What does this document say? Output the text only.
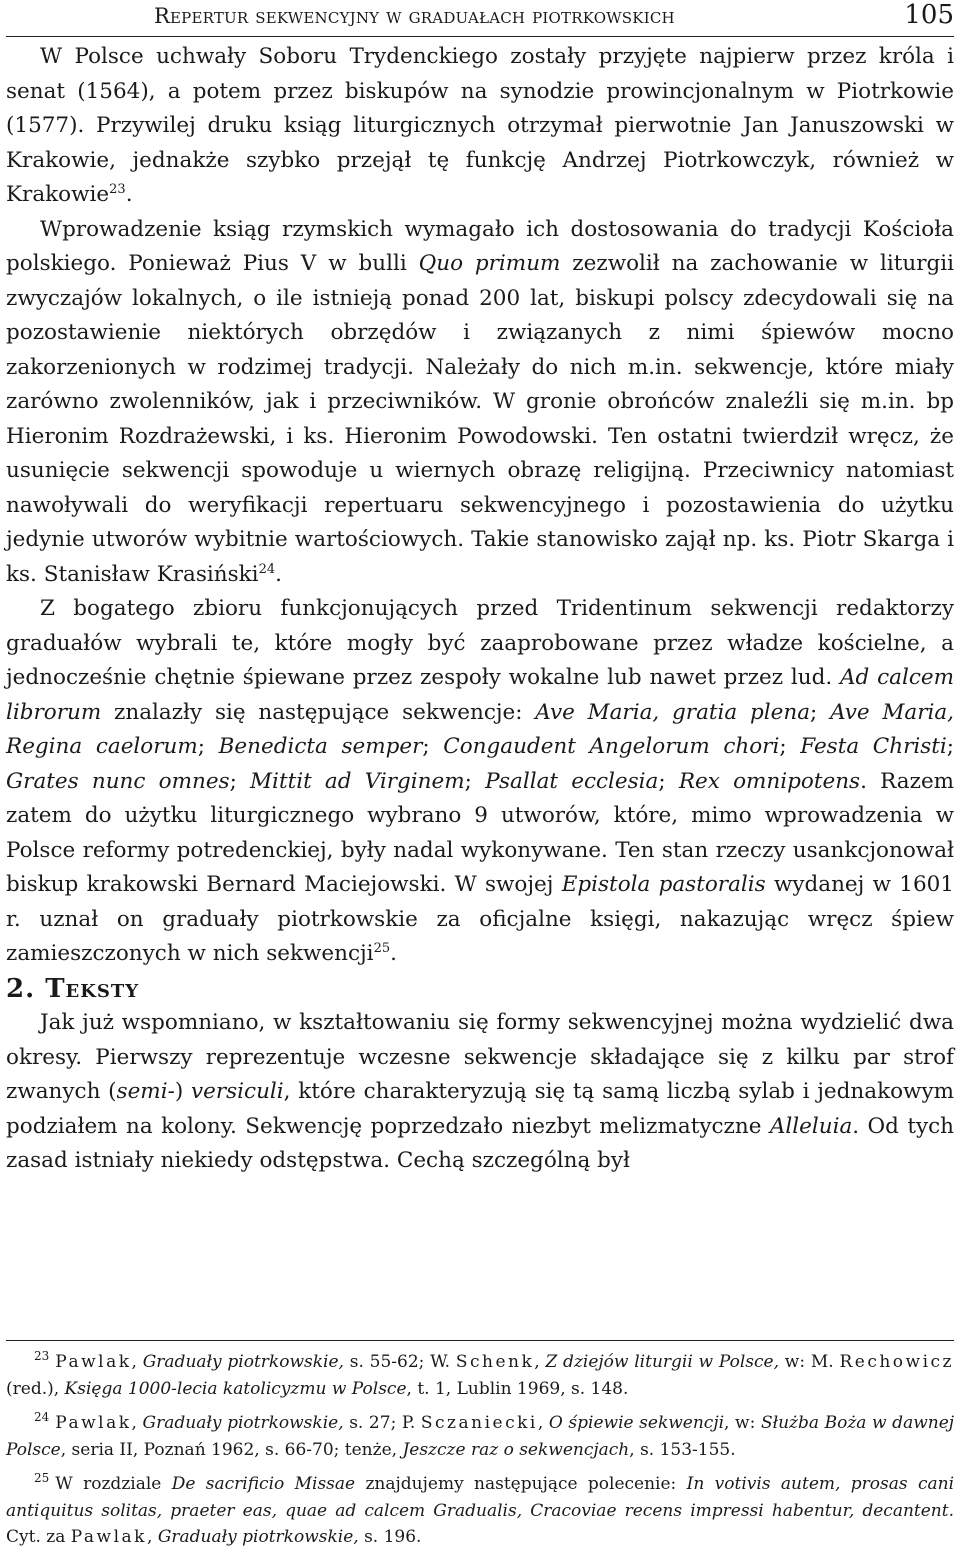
Repertur sekwencyjny w graduałach piotrkowskich	105

W Polsce uchwały Soboru Trydenckiego zostały przyjęte najpierw przez króla i senat (1564), a potem przez biskupów na synodzie prowincjonalnym w Piotrkowie (1577). Przywilej druku ksiąg liturgicznych otrzymał pierwotnie Jan Januszowski w Krakowie, jednakże szybko przejął tę funkcję Andrzej Piotrkowczyk, również w Krakowie$^{23}$.

Wprowadzenie ksiąg rzymskich wymagało ich dostosowania do tradycji Kościoła polskiego. Ponieważ Pius V w bulli Quo primum zezwolił na zachowanie w liturgii zwyczajów lokalnych, o ile istnieją ponad 200 lat, biskupi polscy zdecydowali się na pozostawienie niektórych obrzędów i związanych z nimi śpiewów mocno zakorzenionych w rodzimej tradycji. Należały do nich m.in. sekwencje, które miały zarówno zwolenników, jak i przeciwników. W gronie obrońców znaleźli się m.in. bp Hieronim Rozdrażewski, i ks. Hieronim Powodowski. Ten ostatni twierdził wręcz, że usunięcie sekwencji spowoduje u wiernych obrazę religijną. Przeciwnicy natomiast nawoływali do weryfikacji repertuaru sekwencyjnego i pozostawienia do użytku jedynie utworów wybitnie wartościowych. Takie stanowisko zajął np. ks. Piotr Skarga i ks. Stanisław Krasiński$^{24}$.

Z bogatego zbioru funkcjonujących przed Tridentinum sekwencji redaktorzy graduałów wybrali te, które mogły być zaaprobowane przez władze kościelne, a jednocześnie chętnie śpiewane przez zespoły wokalne lub nawet przez lud. Ad calcem librorum znalazły się następujące sekwencje: Ave Maria, gratia plena; Ave Maria, Regina caelorum; Benedicta semper; Congaudent Angelorum chori; Festa Christi; Grates nunc omnes; Mittit ad Virginem; Psallat ecclesia; Rex omnipotens. Razem zatem do użytku liturgicznego wybrano 9 utworów, które, mimo wprowadzenia w Polsce reformy potredenckiej, były nadal wykonywane. Ten stan rzeczy usankcjonował biskup krakowski Bernard Maciejowski. W swojej Epistola pastoralis wydanej w 1601 r. uznał on graduały piotrkowskie za oficjalne księgi, nakazując wręcz śpiew zamieszczonych w nich sekwencji$^{25}$.

2. Teksty

Jak już wspomniano, w kształtowaniu się formy sekwencyjnej można wydzielić dwa okresy. Pierwszy reprezentuje wczesne sekwencje składające się z kilku par strof zwanych (semi-) versiculi, które charakteryzują się tą samą liczbą sylab i jednakowym podziałem na kolony. Sekwencję poprzedzało niezbyt melizmatyczne Alleluia. Od tych zasad istniały niekiedy odstępstwa. Cechą szczególną był

$^{23}$ Pawlak, Graduały piotrkowskie, s. 55-62; W. Schenk, Z dziejów liturgii w Polsce, w: M. Rechowicz (red.), Księga 1000-lecia katolicyzmu w Polsce, t. 1, Lublin 1969, s. 148.

$^{24}$ Pawlak, Graduały piotrkowskie, s. 27; P. Sczaniecki, O śpiewie sekwencji, w: Służba Boża w dawnej Polsce, seria II, Poznań 1962, s. 66-70; tenże, Jeszcze raz o sekwencjach, s. 153-155.

$^{25}$ W rozdziale De sacrificio Missae znajdujemy następujące polecenie: In votivis autem, prosas cani antiquitus solitas, praeter eas, quae ad calcem Gradualis, Cracoviae recens impressi habentur, decantent. Cyt. za Pawlak, Graduały piotrkowskie, s. 196.
